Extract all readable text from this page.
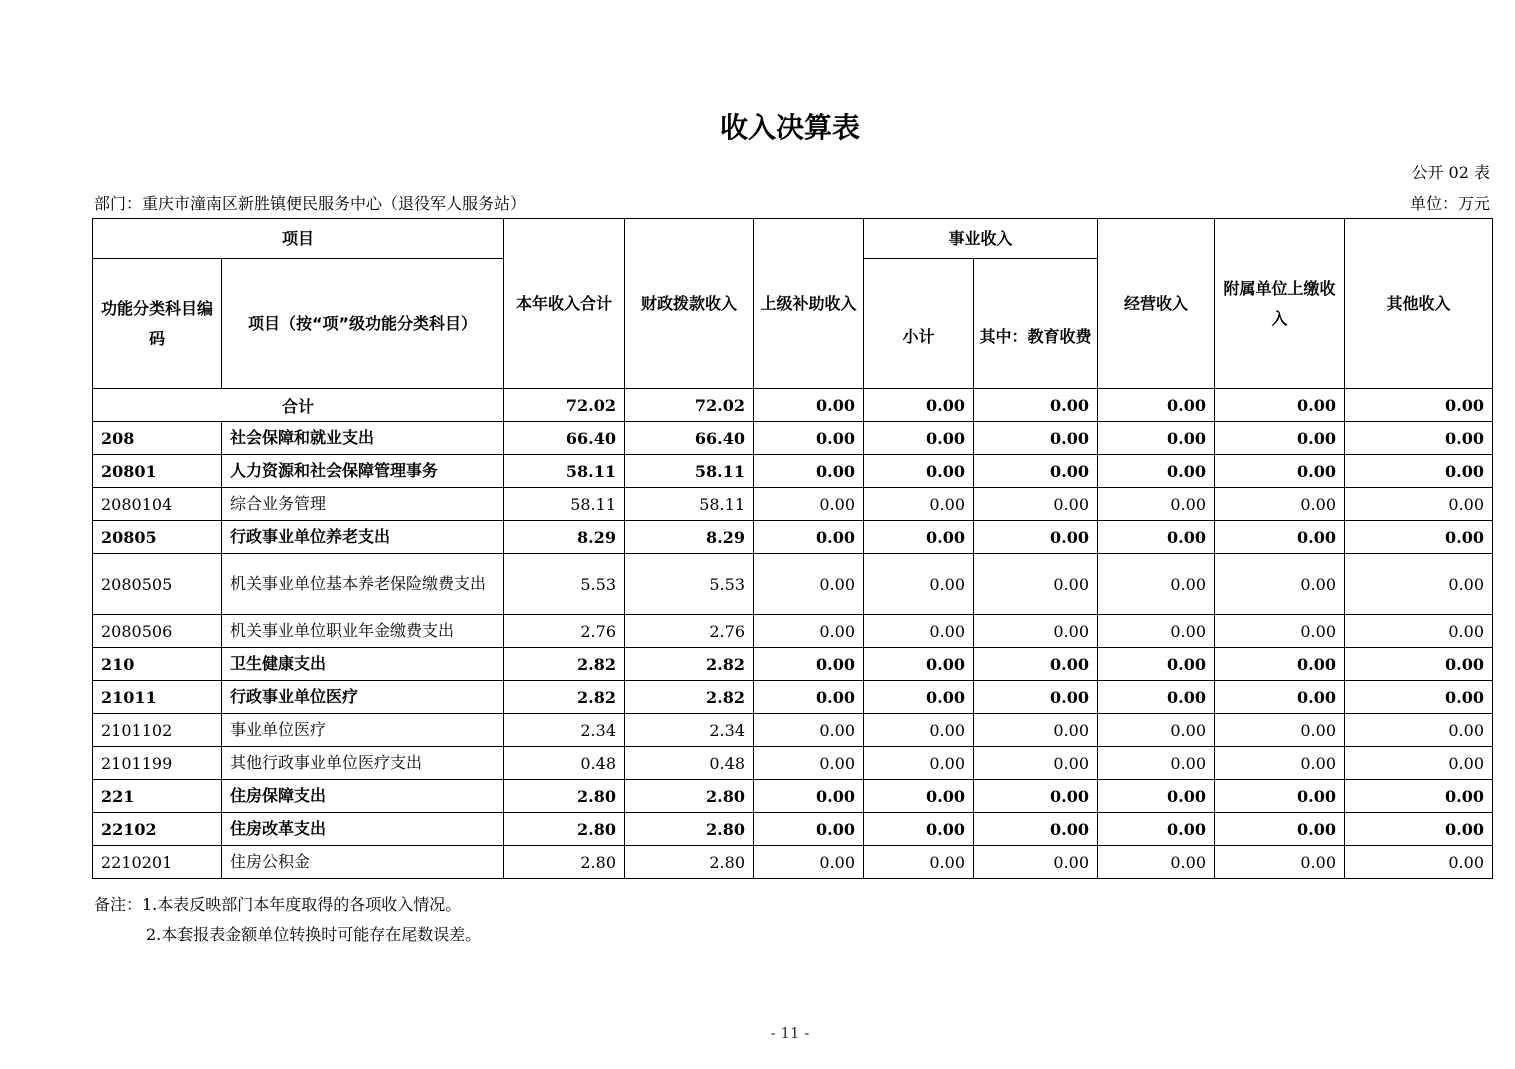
收入决算表
公开 02 表
部门：重庆市潼南区新胜镇便民服务中心（退役军人服务站）	单位：万元
项目		本年收入合计	财政拨款收入	上级补助收入	事业收入		经营收入	附属单位上缴收入	其他收入
功能分类科目编码	项目（按“项”级功能分类科目）				小计	其中：教育收费			
合计		72.02	72.02	0.00	0.00	0.00	0.00	0.00	0.00
208	社会保障和就业支出	66.40	66.40	0.00	0.00	0.00	0.00	0.00	0.00
20801	人力资源和社会保障管理事务	58.11	58.11	0.00	0.00	0.00	0.00	0.00	0.00
2080104	综合业务管理	58.11	58.11	0.00	0.00	0.00	0.00	0.00	0.00
20805	行政事业单位养老支出	8.29	8.29	0.00	0.00	0.00	0.00	0.00	0.00
2080505	机关事业单位基本养老保险缴费支出	5.53	5.53	0.00	0.00	0.00	0.00	0.00	0.00
2080506	机关事业单位职业年金缴费支出	2.76	2.76	0.00	0.00	0.00	0.00	0.00	0.00
210	卫生健康支出	2.82	2.82	0.00	0.00	0.00	0.00	0.00	0.00
21011	行政事业单位医疗	2.82	2.82	0.00	0.00	0.00	0.00	0.00	0.00
2101102	事业单位医疗	2.34	2.34	0.00	0.00	0.00	0.00	0.00	0.00
2101199	其他行政事业单位医疗支出	0.48	0.48	0.00	0.00	0.00	0.00	0.00	0.00
221	住房保障支出	2.80	2.80	0.00	0.00	0.00	0.00	0.00	0.00
22102	住房改革支出	2.80	2.80	0.00	0.00	0.00	0.00	0.00	0.00
2210201	住房公积金	2.80	2.80	0.00	0.00	0.00	0.00	0.00	0.00
备注：1.本表反映部门本年度取得的各项收入情况。
2.本套报表金额单位转换时可能存在尾数误差。
- 11 -
